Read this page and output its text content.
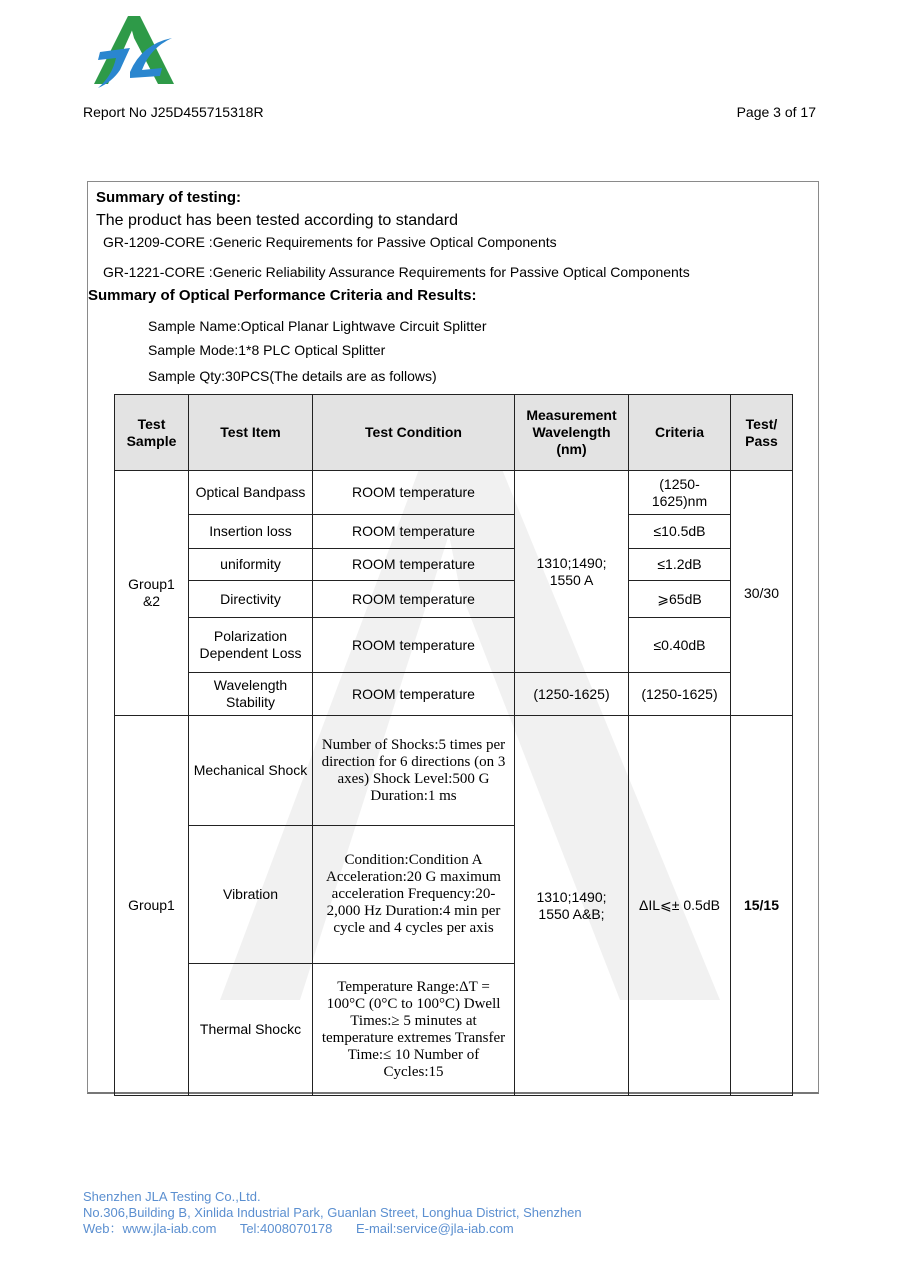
Report No J25D455715318R	Page 3 of 17
Summary of testing:
The product has been tested according to standard
GR-1209-CORE :Generic Requirements for Passive Optical Components
GR-1221-CORE :Generic Reliability Assurance Requirements for Passive Optical Components
Summary of Optical Performance Criteria and Results:
Sample Name:Optical Planar Lightwave Circuit Splitter
Sample Mode:1*8 PLC Optical Splitter
Sample Qty:30PCS(The details are as follows)
Test Sample	Test Item	Test Condition	Measurement Wavelength (nm)	Criteria	Test/ Pass
Group1 &2	Optical Bandpass	ROOM temperature	1310;1490; 1550 A	(1250-1625)nm	30/30
	Insertion loss	ROOM temperature		≤10.5dB	
	uniformity	ROOM temperature		≤1.2dB	
	Directivity	ROOM temperature		⩾65dB	
	Polarization Dependent Loss	ROOM temperature		≤0.40dB	
	Wavelength Stability	ROOM temperature	(1250-1625)	(1250-1625)	
Group1	Mechanical Shock	Number of Shocks:5 times per direction for 6 directions (on 3 axes) Shock Level:500 G Duration:1 ms	1310;1490; 1550 A&B;	ΔIL⩽± 0.5dB	15/15
	Vibration	Condition:Condition A Acceleration:20 G maximum acceleration Frequency:20-2,000 Hz Duration:4 min per cycle and 4 cycles per axis			
	Thermal Shockc	Temperature Range:ΔT = 100°C (0°C to 100°C) Dwell Times:≥ 5 minutes at temperature extremes Transfer Time:≤ 10 Number of Cycles:15			
Shenzhen JLA Testing Co.,Ltd.
No.306,Building B, Xinlida Industrial Park, Guanlan Street, Longhua District, Shenzhen
Web：www.jla-iab.com Tel:4008070178 E-mail:service@jla-iab.com
